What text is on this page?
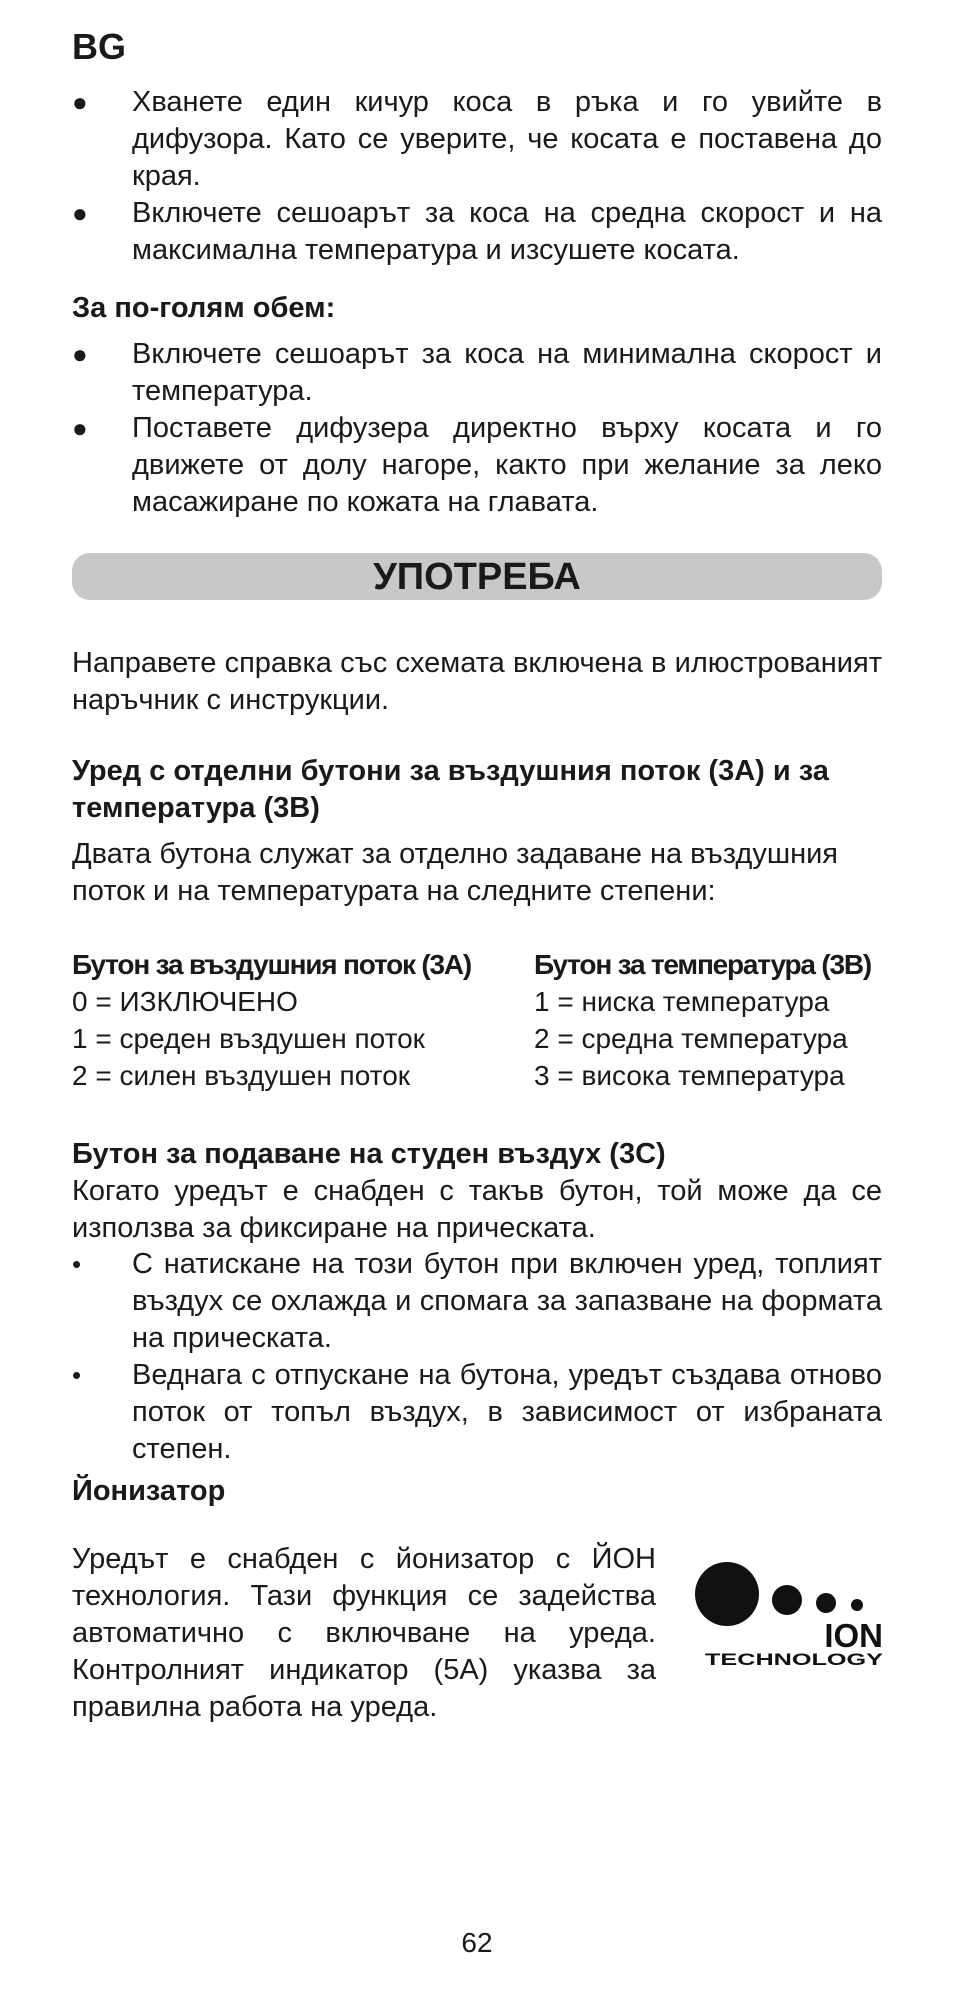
BG
● Хванете един кичур коса в ръка и го увийте в дифузора. Като се уверите, че косата е поставена до края.
● Включете сешоарът за коса на средна скорост и на максимална температура и изсушете косата.
За по-голям обем:
● Включете сешоарът за коса на минимална скорост и температура.
● Поставете дифузера директно върху косата и го движете от долу нагоре, както при желание за леко масажиране по кожата на главата.
УПОТРЕБА
Направете справка със схемата включена в илюстрованият наръчник с инструкции.
Уред с отделни бутони за въздушния поток (3А) и за температура (3В)
Двата бутона служат за отделно задаване на въздушния поток и на температурата на следните степени:
Бутон за въздушния поток (3А)
0 = ИЗКЛЮЧЕНО
1 = среден въздушен поток
2 = силен въздушен поток
Бутон за температура (3В)
1 = ниска температура
2 = средна температура
3 = висока температура
Бутон за подаване на студен въздух (3С)
Когато уредът е снабден с такъв бутон, той може да се използва за фиксиране на прическата.
• С натискане на този бутон при включен уред, топлият въздух се охлажда и спомага за запазване на формата на прическата.
• Веднага с отпускане на бутона, уредът създава отново поток от топъл въздух, в зависимост от избраната степен.
Йонизатор
Уредът е снабден с йонизатор с ЙОН технология. Тази функция се задейства автоматично с включване на уреда. Контролният индикатор (5А) указва за правилна работа на уреда.
ION
TECHNOLOGY
62
